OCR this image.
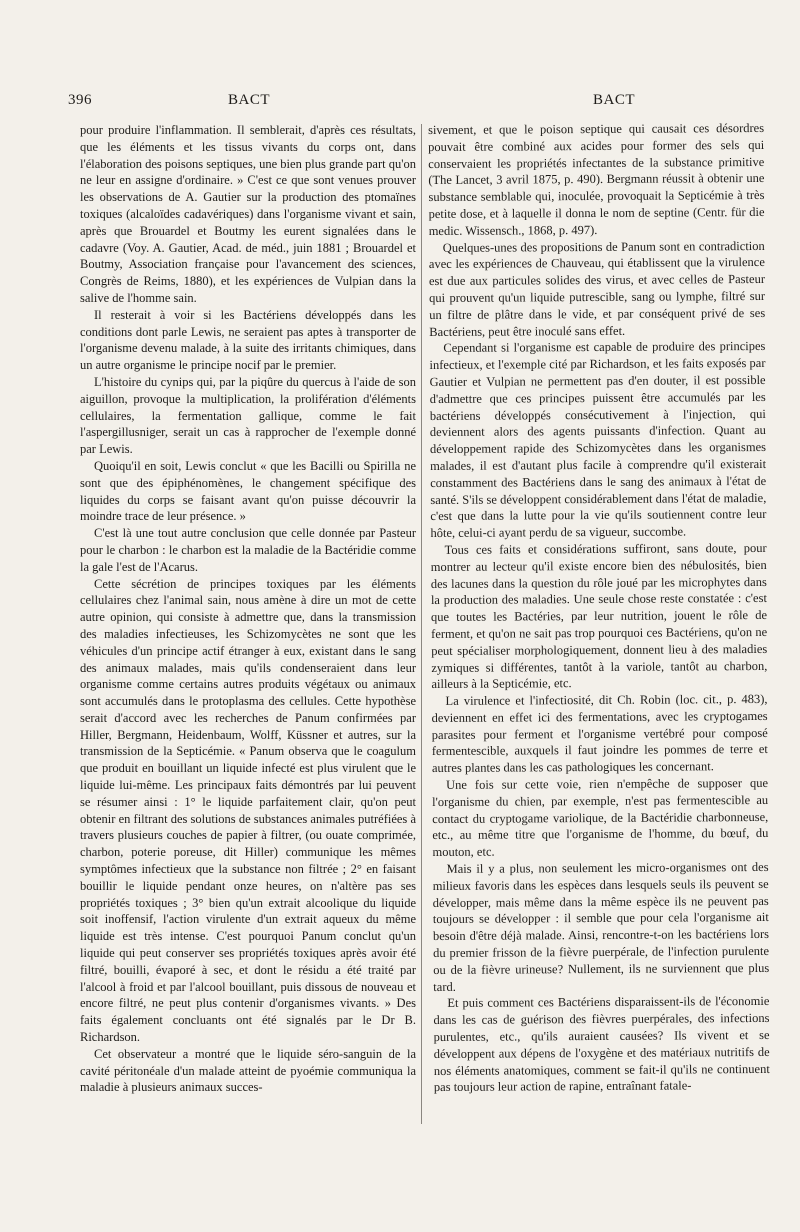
396	BACT	BACT

pour produire l'inflammation. Il semblerait, d'après ces résultats, que les éléments et les tissus vivants du corps ont, dans l'élaboration des poisons septiques, une bien plus grande part qu'on ne leur en assigne d'ordinaire. » C'est ce que sont venues prouver les observations de A. Gautier sur la production des ptomaïnes toxiques (alcaloïdes cadavériques) dans l'organisme vivant et sain, après que Brouardel et Boutmy les eurent signalées dans le cadavre (Voy. A. Gautier, Acad. de méd., juin 1881 ; Brouardel et Boutmy, Association française pour l'avancement des sciences, Congrès de Reims, 1880), et les expériences de Vulpian dans la salive de l'homme sain.

Il resterait à voir si les Bactériens développés dans les conditions dont parle Lewis, ne seraient pas aptes à transporter de l'organisme devenu malade, à la suite des irritants chimiques, dans un autre organisme le principe nocif par le premier.

L'histoire du cynips qui, par la piqûre du quercus à l'aide de son aiguillon, provoque la multiplication, la prolifération d'éléments cellulaires, la fermentation gallique, comme le fait l'aspergillusniger, serait un cas à rapprocher de l'exemple donné par Lewis.

Quoiqu'il en soit, Lewis conclut « que les Bacilli ou Spirilla ne sont que des épiphénomènes, le changement spécifique des liquides du corps se faisant avant qu'on puisse découvrir la moindre trace de leur présence. »

C'est là une tout autre conclusion que celle donnée par Pasteur pour le charbon : le charbon est la maladie de la Bactéridie comme la gale l'est de l'Acarus.

Cette sécrétion de principes toxiques par les éléments cellulaires chez l'animal sain, nous amène à dire un mot de cette autre opinion, qui consiste à admettre que, dans la transmission des maladies infectieuses, les Schizomycètes ne sont que les véhicules d'un principe actif étranger à eux, existant dans le sang des animaux malades, mais qu'ils condenseraient dans leur organisme comme certains autres produits végétaux ou animaux sont accumulés dans le protoplasma des cellules. Cette hypothèse serait d'accord avec les recherches de Panum confirmées par Hiller, Bergmann, Heidenbaum, Wolff, Küssner et autres, sur la transmission de la Septicémie. « Panum observa que le coagulum que produit en bouillant un liquide infecté est plus virulent que le liquide lui-même. Les principaux faits démontrés par lui peuvent se résumer ainsi : 1° le liquide parfaitement clair, qu'on peut obtenir en filtrant des solutions de substances animales putréfiées à travers plusieurs couches de papier à filtrer, (ou ouate comprimée, charbon, poterie poreuse, dit Hiller) communique les mêmes symptômes infectieux que la substance non filtrée ; 2° en faisant bouillir le liquide pendant onze heures, on n'altère pas ses propriétés toxiques ; 3° bien qu'un extrait alcoolique du liquide soit inoffensif, l'action virulente d'un extrait aqueux du même liquide est très intense. C'est pourquoi Panum conclut qu'un liquide qui peut conserver ses propriétés toxiques après avoir été filtré, bouilli, évaporé à sec, et dont le résidu a été traité par l'alcool à froid et par l'alcool bouillant, puis dissous de nouveau et encore filtré, ne peut plus contenir d'organismes vivants. » Des faits également concluants ont été signalés par le Dr B. Richardson.

Cet observateur a montré que le liquide séro-sanguin de la cavité péritonéale d'un malade atteint de pyoémie communiqua la maladie à plusieurs animaux succes-

sivement, et que le poison septique qui causait ces désordres pouvait être combiné aux acides pour former des sels qui conservaient les propriétés infectantes de la substance primitive (The Lancet, 3 avril 1875, p. 490). Bergmann réussit à obtenir une substance semblable qui, inoculée, provoquait la Septicémie à très petite dose, et à laquelle il donna le nom de septine (Centr. für die medic. Wissensch., 1868, p. 497).

Quelques-unes des propositions de Panum sont en contradiction avec les expériences de Chauveau, qui établissent que la virulence est due aux particules solides des virus, et avec celles de Pasteur qui prouvent qu'un liquide putrescible, sang ou lymphe, filtré sur un filtre de plâtre dans le vide, et par conséquent privé de ses Bactériens, peut être inoculé sans effet.

Cependant si l'organisme est capable de produire des principes infectieux, et l'exemple cité par Richardson, et les faits exposés par Gautier et Vulpian ne permettent pas d'en douter, il est possible d'admettre que ces principes puissent être accumulés par les bactériens développés consécutivement à l'injection, qui deviennent alors des agents puissants d'infection. Quant au développement rapide des Schizomycètes dans les organismes malades, il est d'autant plus facile à comprendre qu'il existerait constamment des Bactériens dans le sang des animaux à l'état de santé. S'ils se développent considérablement dans l'état de maladie, c'est que dans la lutte pour la vie qu'ils soutiennent contre leur hôte, celui-ci ayant perdu de sa vigueur, succombe.

Tous ces faits et considérations suffiront, sans doute, pour montrer au lecteur qu'il existe encore bien des nébulosités, bien des lacunes dans la question du rôle joué par les microphytes dans la production des maladies. Une seule chose reste constatée : c'est que toutes les Bactéries, par leur nutrition, jouent le rôle de ferment, et qu'on ne sait pas trop pourquoi ces Bactériens, qu'on ne peut spécialiser morphologiquement, donnent lieu à des maladies zymiques si différentes, tantôt à la variole, tantôt au charbon, ailleurs à la Septicémie, etc.

La virulence et l'infectiosité, dit Ch. Robin (loc. cit., p. 483), deviennent en effet ici des fermentations, avec les cryptogames parasites pour ferment et l'organisme vertébré pour composé fermentescible, auxquels il faut joindre les pommes de terre et autres plantes dans les cas pathologiques les concernant.

Une fois sur cette voie, rien n'empêche de supposer que l'organisme du chien, par exemple, n'est pas fermentescible au contact du cryptogame variolique, de la Bactéridie charbonneuse, etc., au même titre que l'organisme de l'homme, du bœuf, du mouton, etc.

Mais il y a plus, non seulement les micro-organismes ont des milieux favoris dans les espèces dans lesquels seuls ils peuvent se développer, mais même dans la même espèce ils ne peuvent pas toujours se développer : il semble que pour cela l'organisme ait besoin d'être déjà malade. Ainsi, rencontre-t-on les bactériens lors du premier frisson de la fièvre puerpérale, de l'infection purulente ou de la fièvre urineuse? Nullement, ils ne surviennent que plus tard.

Et puis comment ces Bactériens disparaissent-ils de l'économie dans les cas de guérison des fièvres puerpérales, des infections purulentes, etc., qu'ils auraient causées? Ils vivent et se développent aux dépens de l'oxygène et des matériaux nutritifs de nos éléments anatomiques, comment se fait-il qu'ils ne continuent pas toujours leur action de rapine, entraînant fatale-
